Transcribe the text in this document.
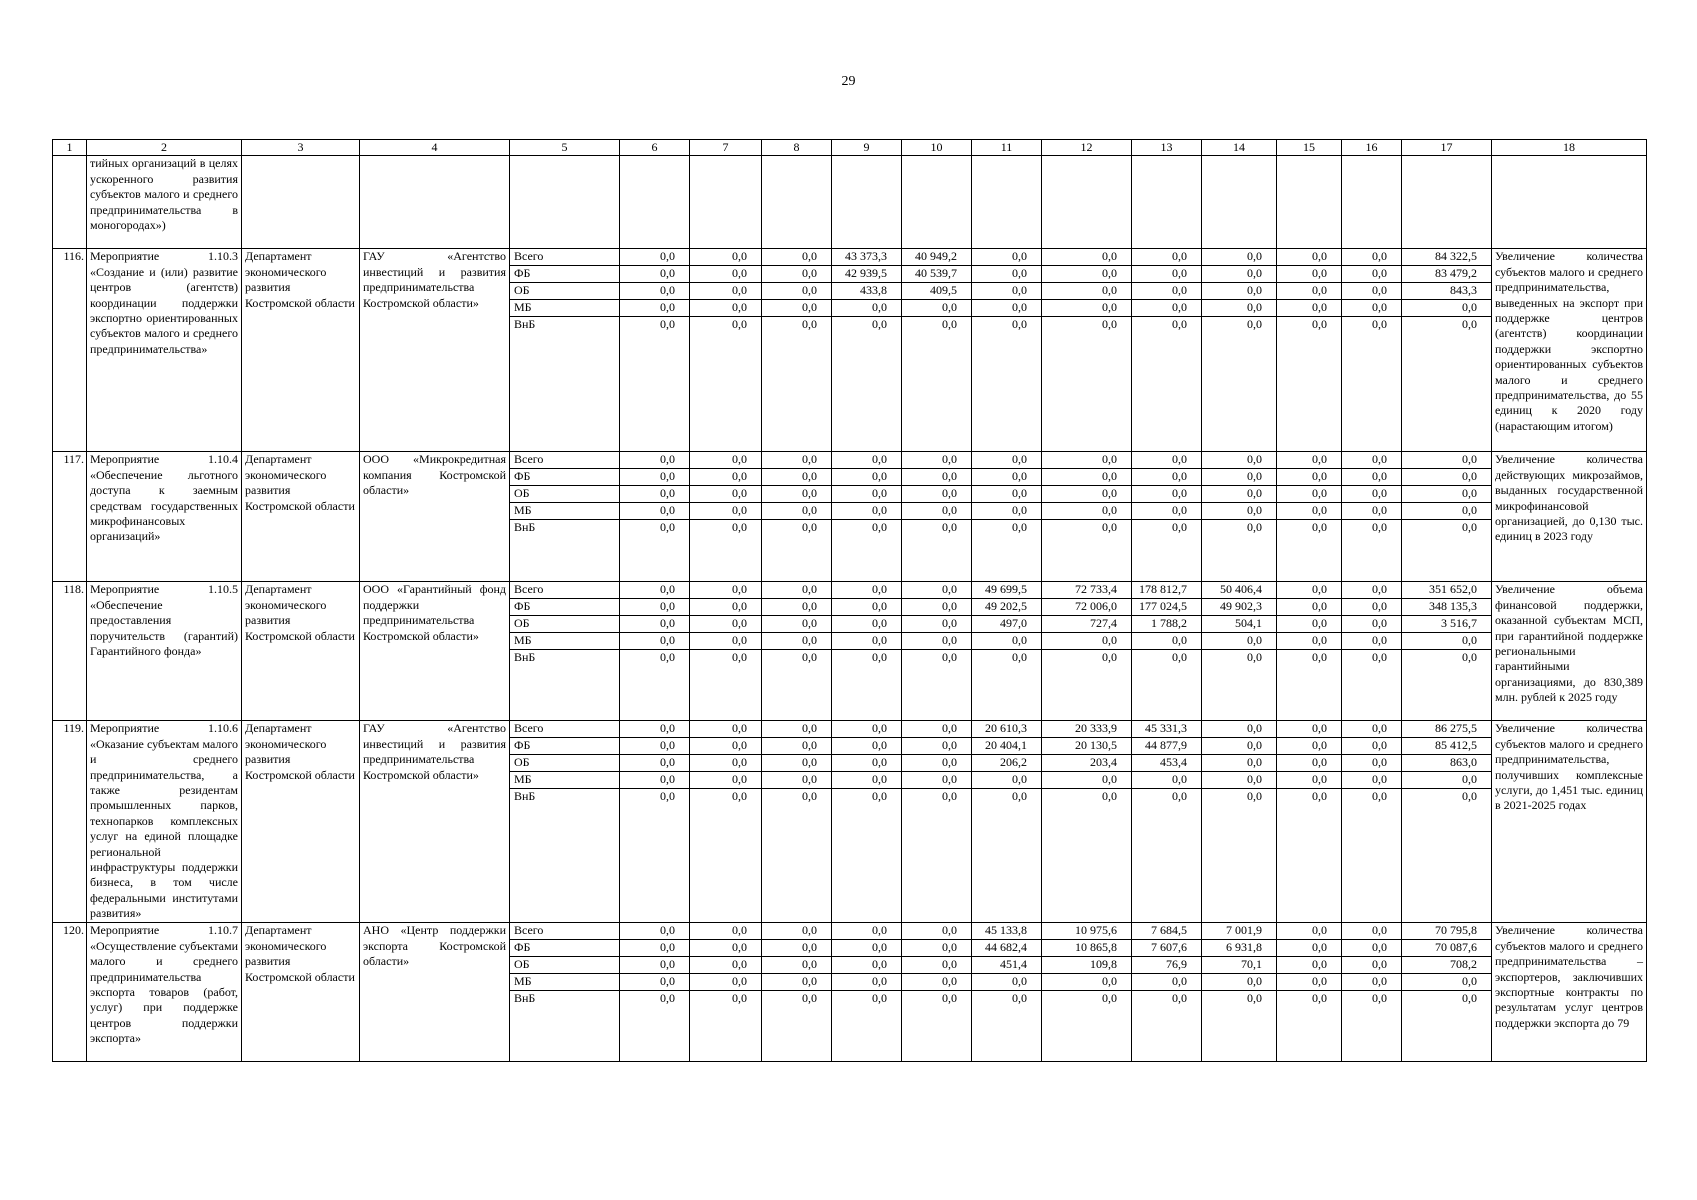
29
1	2	3	4	5	6	7	8	9	10	11	12	13	14	15	16	17	18
	тийных организаций в целях ускоренного развития субъектов малого и среднего предпринимательства в моногородах»)																
116.	Мероприятие 1.10.3 «Создание и (или) развитие центров (агентств) координации поддержки экспортно ориентированных субъектов малого и среднего предпринимательства»	Департамент экономического развития Костромской области	ГАУ «Агентство инвестиций и развития предпринимательства Костромской области»	Всего	0,0	0,0	0,0	43 373,3	40 949,2	0,0	0,0	0,0	0,0	0,0	0,0	84 322,5	Увеличение количества субъектов малого и среднего предпринимательства, выведенных на экспорт при поддержке центров (агентств) координации поддержки экспортно ориентированных субъектов малого и среднего предпринимательства, до 55 единиц к 2020 году (нарастающим итогом)
				ФБ	0,0	0,0	0,0	42 939,5	40 539,7	0,0	0,0	0,0	0,0	0,0	0,0	83 479,2	
				ОБ	0,0	0,0	0,0	433,8	409,5	0,0	0,0	0,0	0,0	0,0	0,0	843,3	
				МБ	0,0	0,0	0,0	0,0	0,0	0,0	0,0	0,0	0,0	0,0	0,0	0,0	
				ВнБ	0,0	0,0	0,0	0,0	0,0	0,0	0,0	0,0	0,0	0,0	0,0	0,0	
117.	Мероприятие 1.10.4 «Обеспечение льготного доступа к заемным средствам государственных микрофинансовых организаций»	Департамент экономического развития Костромской области	ООО «Микрокредитная компания Костромской области»	Всего	0,0	0,0	0,0	0,0	0,0	0,0	0,0	0,0	0,0	0,0	0,0	0,0	Увеличение количества действующих микрозаймов, выданных государственной микрофинансовой организацией, до 0,130 тыс. единиц в 2023 году
				ФБ	0,0	0,0	0,0	0,0	0,0	0,0	0,0	0,0	0,0	0,0	0,0	0,0	
				ОБ	0,0	0,0	0,0	0,0	0,0	0,0	0,0	0,0	0,0	0,0	0,0	0,0	
				МБ	0,0	0,0	0,0	0,0	0,0	0,0	0,0	0,0	0,0	0,0	0,0	0,0	
				ВнБ	0,0	0,0	0,0	0,0	0,0	0,0	0,0	0,0	0,0	0,0	0,0	0,0	
118.	Мероприятие 1.10.5 «Обеспечение предоставления поручительств (гарантий) Гарантийного фонда»	Департамент экономического развития Костромской области	ООО «Гарантийный фонд поддержки предпринимательства Костромской области»	Всего	0,0	0,0	0,0	0,0	0,0	49 699,5	72 733,4	178 812,7	50 406,4	0,0	0,0	351 652,0	Увеличение объема финансовой поддержки, оказанной субъектам МСП, при гарантийной поддержке региональными гарантийными организациями, до 830,389 млн. рублей к 2025 году
				ФБ	0,0	0,0	0,0	0,0	0,0	49 202,5	72 006,0	177 024,5	49 902,3	0,0	0,0	348 135,3	
				ОБ	0,0	0,0	0,0	0,0	0,0	497,0	727,4	1 788,2	504,1	0,0	0,0	3 516,7	
				МБ	0,0	0,0	0,0	0,0	0,0	0,0	0,0	0,0	0,0	0,0	0,0	0,0	
				ВнБ	0,0	0,0	0,0	0,0	0,0	0,0	0,0	0,0	0,0	0,0	0,0	0,0	
119.	Мероприятие 1.10.6 «Оказание субъектам малого и среднего предпринимательства, а также резидентам промышленных парков, технопарков комплексных услуг на единой площадке региональной инфраструктуры поддержки бизнеса, в том числе федеральными институтами развития»	Департамент экономического развития Костромской области	ГАУ «Агентство инвестиций и развития предпринимательства Костромской области»	Всего	0,0	0,0	0,0	0,0	0,0	20 610,3	20 333,9	45 331,3	0,0	0,0	0,0	86 275,5	Увеличение количества субъектов малого и среднего предпринимательства, получивших комплексные услуги, до 1,451 тыс. единиц в 2021-2025 годах
				ФБ	0,0	0,0	0,0	0,0	0,0	20 404,1	20 130,5	44 877,9	0,0	0,0	0,0	85 412,5	
				ОБ	0,0	0,0	0,0	0,0	0,0	206,2	203,4	453,4	0,0	0,0	0,0	863,0	
				МБ	0,0	0,0	0,0	0,0	0,0	0,0	0,0	0,0	0,0	0,0	0,0	0,0	
				ВнБ	0,0	0,0	0,0	0,0	0,0	0,0	0,0	0,0	0,0	0,0	0,0	0,0	
120.	Мероприятие 1.10.7 «Осуществление субъектами малого и среднего предпринимательства экспорта товаров (работ, услуг) при поддержке центров поддержки экспорта»	Департамент экономического развития Костромской области	АНО «Центр поддержки экспорта Костромской области»	Всего	0,0	0,0	0,0	0,0	0,0	45 133,8	10 975,6	7 684,5	7 001,9	0,0	0,0	70 795,8	Увеличение количества субъектов малого и среднего предпринимательства – экспортеров, заключивших экспортные контракты по результатам услуг центров поддержки экспорта до 79
				ФБ	0,0	0,0	0,0	0,0	0,0	44 682,4	10 865,8	7 607,6	6 931,8	0,0	0,0	70 087,6	
				ОБ	0,0	0,0	0,0	0,0	0,0	451,4	109,8	76,9	70,1	0,0	0,0	708,2	
				МБ	0,0	0,0	0,0	0,0	0,0	0,0	0,0	0,0	0,0	0,0	0,0	0,0	
				ВнБ	0,0	0,0	0,0	0,0	0,0	0,0	0,0	0,0	0,0	0,0	0,0	0,0	
